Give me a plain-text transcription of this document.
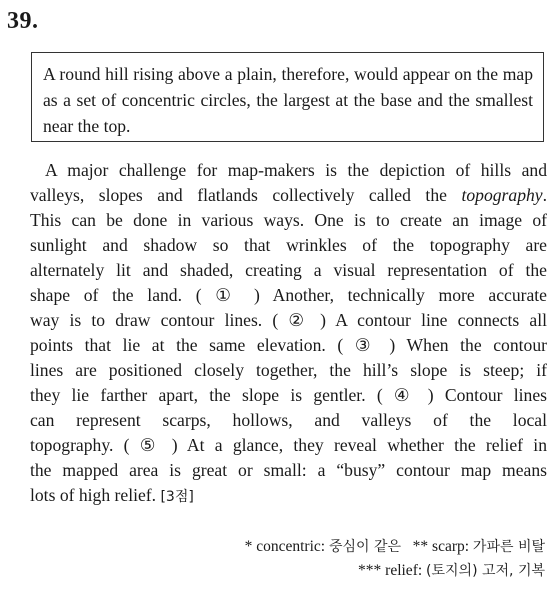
39.
A round hill rising above a plain, therefore, would appear on the map as a set of concentric circles, the largest at the base and the smallest near the top.
A major challenge for map-makers is the depiction of hills and
valleys, slopes and flatlands collectively called the topography.
This can be done in various ways. One is to create an image of
sunlight and shadow so that wrinkles of the topography are
alternately lit and shaded, creating a visual representation of the
shape of the land. ( ① ) Another, technically more accurate
way is to draw contour lines. ( ② ) A contour line connects all
points that lie at the same elevation. ( ③ ) When the contour
lines are positioned closely together, the hill’s slope is steep; if
they lie farther apart, the slope is gentler. ( ④ ) Contour lines
can represent scarps, hollows, and valleys of the local
topography. ( ⑤ ) At a glance, they reveal whether the relief in
the mapped area is great or small: a “busy” contour map means
lots of high relief. [3점]
* concentric: 중심이 같은 ** scarp: 가파른 비탈
*** relief: (토지의) 고저, 기복
